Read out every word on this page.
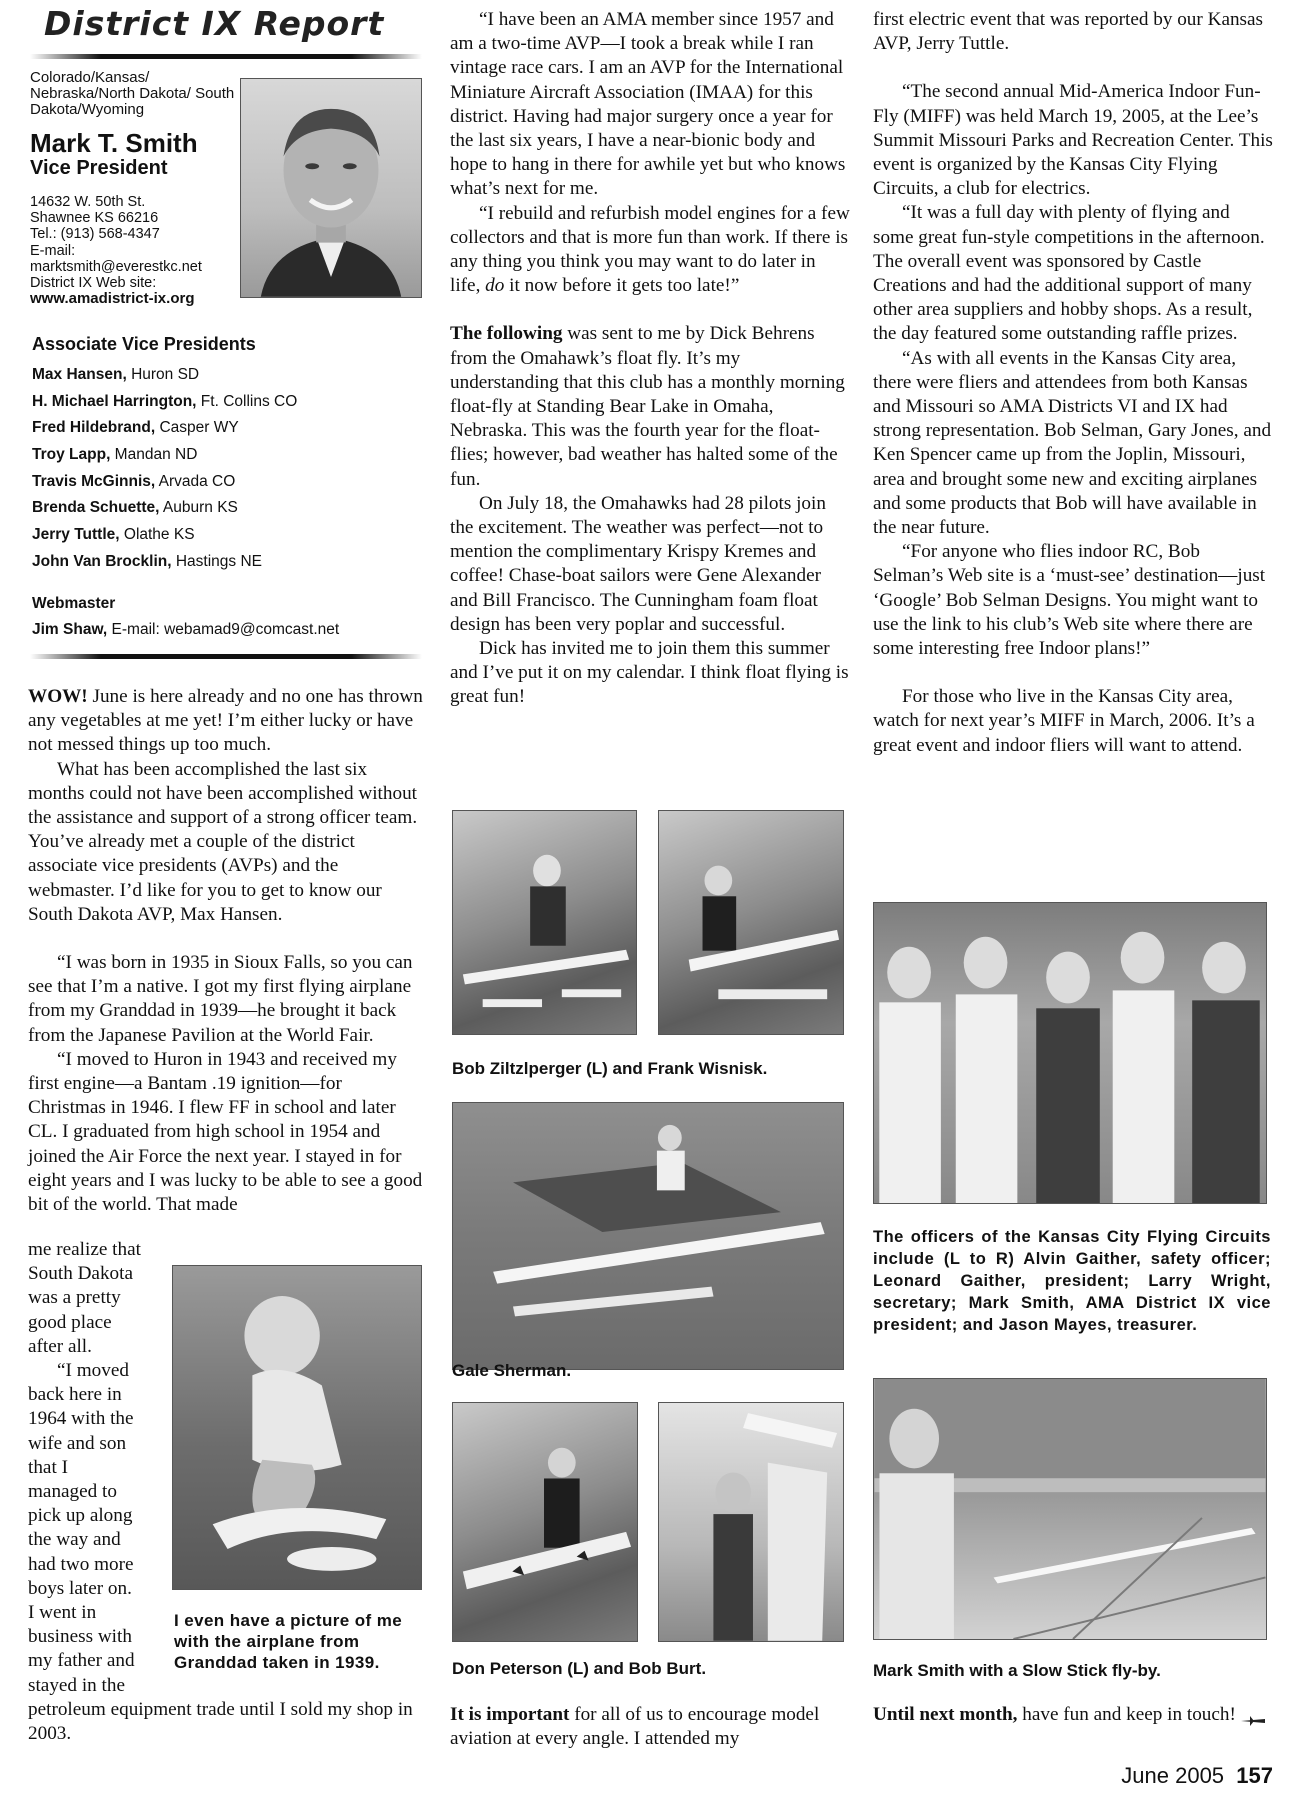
District IX Report
Colorado/Kansas/ Nebraska/North Dakota/ South Dakota/Wyoming
Mark T. Smith
Vice President
14632 W. 50th St.
Shawnee KS 66216
Tel.: (913) 568-4347
E-mail:
marktsmith@everestkc.net
District IX Web site:
www.amadistrict-ix.org
Associate Vice Presidents
Max Hansen, Huron SD
H. Michael Harrington, Ft. Collins CO
Fred Hildebrand, Casper WY
Troy Lapp, Mandan ND
Travis McGinnis, Arvada CO
Brenda Schuette, Auburn KS
Jerry Tuttle, Olathe KS
John Van Brocklin, Hastings NE
Webmaster
Jim Shaw, E-mail: webamad9@comcast.net

WOW! June is here already and no one has thrown any vegetables at me yet! I’m either lucky or have not messed things up too much.

What has been accomplished the last six months could not have been accomplished without the assistance and support of a strong officer team. You’ve already met a couple of the district associate vice presidents (AVPs) and the webmaster. I’d like for you to get to know our South Dakota AVP, Max Hansen.

“I was born in 1935 in Sioux Falls, so you can see that I’m a native. I got my first flying airplane from my Granddad in 1939—he brought it back from the Japanese Pavilion at the World Fair.

“I moved to Huron in 1943 and received my first engine—a Bantam .19 ignition—for Christmas in 1946. I flew FF in school and later CL. I graduated from high school in 1954 and joined the Air Force the next year. I stayed in for eight years and I was lucky to be able to see a good bit of the world. That made

me realize that
South Dakota
was a pretty
good place
after all.
“I moved
back here in
1964 with the
wife and son
that I
managed to
pick up along
the way and
had two more
boys later on.
I went in
business with
my father and
stayed in the
petroleum equipment trade until I sold my shop in 2003.
I even have a picture of me with the airplane from Granddad taken in 1939.

“I have been an AMA member since 1957 and am a two-time AVP—I took a break while I ran vintage race cars. I am an AVP for the International Miniature Aircraft Association (IMAA) for this district. Having had major surgery once a year for the last six years, I have a near-bionic body and hope to hang in there for awhile yet but who knows what’s next for me.

“I rebuild and refurbish model engines for a few collectors and that is more fun than work. If there is any thing you think you may want to do later in life, do it now before it gets too late!”

The following was sent to me by Dick Behrens from the Omahawk’s float fly. It’s my understanding that this club has a monthly morning float-fly at Standing Bear Lake in Omaha, Nebraska. This was the fourth year for the float-flies; however, bad weather has halted some of the fun.

On July 18, the Omahawks had 28 pilots join the excitement. The weather was perfect—not to mention the complimentary Krispy Kremes and coffee! Chase-boat sailors were Gene Alexander and Bill Francisco. The Cunningham foam float design has been very poplar and successful.

Dick has invited me to join them this summer and I’ve put it on my calendar. I think float flying is great fun!

Bob Ziltzlperger (L) and Frank Wisnisk.
Gale Sherman.
Don Peterson (L) and Bob Burt.

It is important for all of us to encourage model aviation at every angle. I attended my

first electric event that was reported by our Kansas AVP, Jerry Tuttle.

“The second annual Mid-America Indoor Fun-Fly (MIFF) was held March 19, 2005, at the Lee’s Summit Missouri Parks and Recreation Center. This event is organized by the Kansas City Flying Circuits, a club for electrics.

“It was a full day with plenty of flying and some great fun-style competitions in the afternoon. The overall event was sponsored by Castle Creations and had the additional support of many other area suppliers and hobby shops. As a result, the day featured some outstanding raffle prizes.

“As with all events in the Kansas City area, there were fliers and attendees from both Kansas and Missouri so AMA Districts VI and IX had strong representation. Bob Selman, Gary Jones, and Ken Spencer came up from the Joplin, Missouri, area and brought some new and exciting airplanes and some products that Bob will have available in the near future.

“For anyone who flies indoor RC, Bob Selman’s Web site is a ‘must-see’ destination—just ‘Google’ Bob Selman Designs. You might want to use the link to his club’s Web site where there are some interesting free Indoor plans!”

For those who live in the Kansas City area, watch for next year’s MIFF in March, 2006. It’s a great event and indoor fliers will want to attend.

The officers of the Kansas City Flying Circuits include (L to R) Alvin Gaither, safety officer; Leonard Gaither, president; Larry Wright, secretary; Mark Smith, AMA District IX vice president; and Jason Mayes, treasurer.
Mark Smith with a Slow Stick fly-by.

Until next month, have fun and keep in touch!

June 2005 157
